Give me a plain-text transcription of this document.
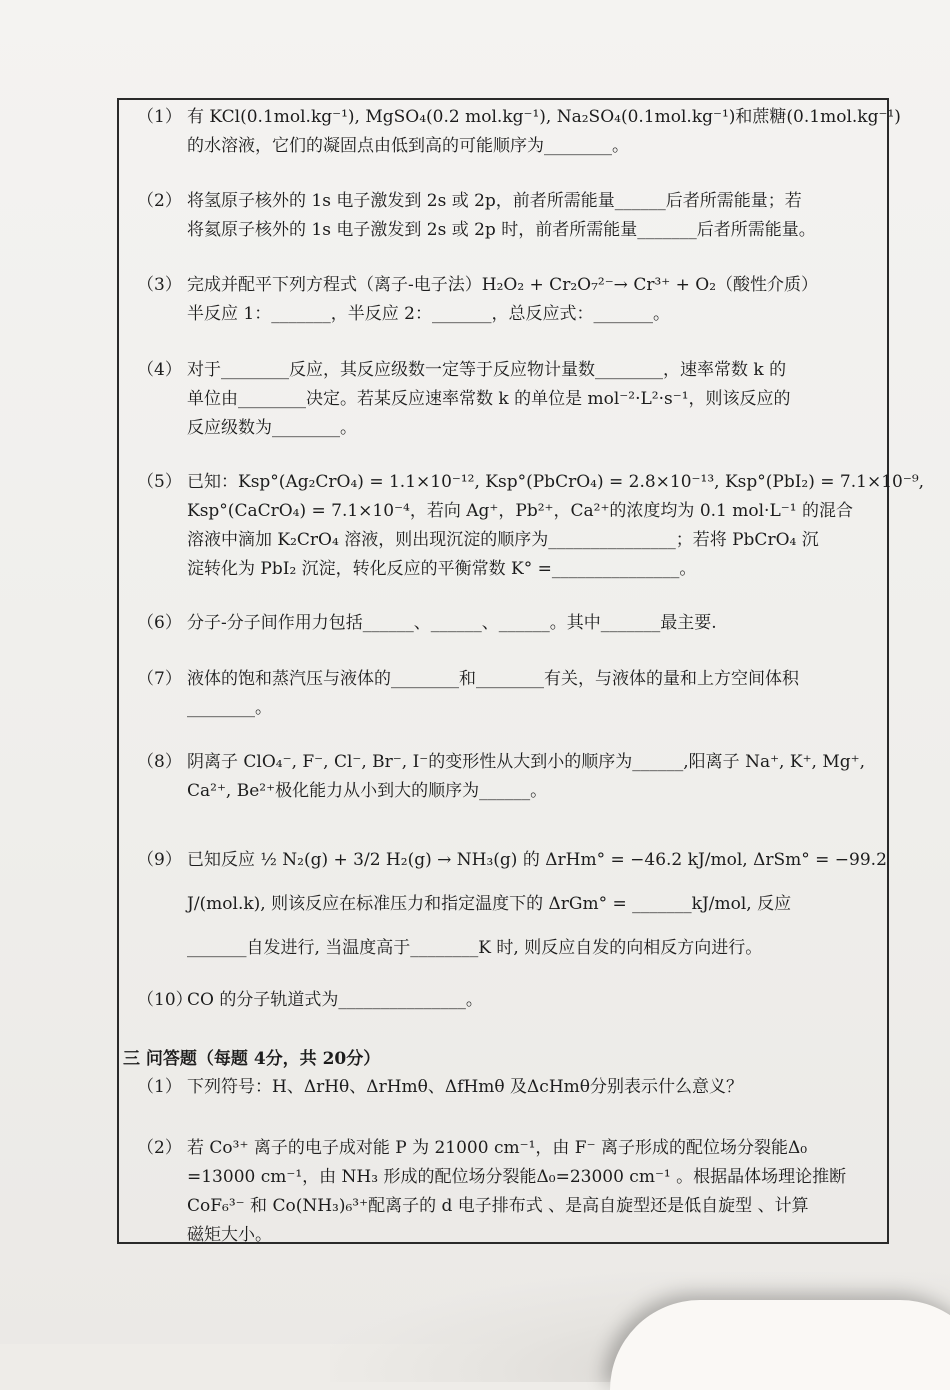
（1） 有 KCl(0.1mol.kg⁻¹), MgSO₄(0.2 mol.kg⁻¹), Na₂SO₄(0.1mol.kg⁻¹)和蔗糖(0.1mol.kg⁻¹)
的水溶液，它们的凝固点由低到高的可能顺序为________。
（2） 将氢原子核外的 1s 电子激发到 2s 或 2p，前者所需能量______后者所需能量；若
将氦原子核外的 1s 电子激发到 2s 或 2p 时，前者所需能量_______后者所需能量。
（3） 完成并配平下列方程式（离子-电子法）H₂O₂ + Cr₂O₇²⁻→ Cr³⁺ + O₂（酸性介质）
半反应 1：_______，半反应 2：_______，总反应式：_______。
（4） 对于________反应，其反应级数一定等于反应物计量数________，速率常数 k 的
单位由________决定。若某反应速率常数 k 的单位是 mol⁻²·L²·s⁻¹，则该反应的
反应级数为________。
（5） 已知：Ksp°(Ag₂CrO₄) = 1.1×10⁻¹², Ksp°(PbCrO₄) = 2.8×10⁻¹³, Ksp°(PbI₂) = 7.1×10⁻⁹,
Ksp°(CaCrO₄) = 7.1×10⁻⁴，若向 Ag⁺，Pb²⁺，Ca²⁺的浓度均为 0.1 mol·L⁻¹ 的混合
溶液中滴加 K₂CrO₄ 溶液，则出现沉淀的顺序为_______________；若将 PbCrO₄ 沉
淀转化为 PbI₂ 沉淀，转化反应的平衡常数 K° =_______________。
（6） 分子-分子间作用力包括______、______、______。其中_______最主要.
（7） 液体的饱和蒸汽压与液体的________和________有关，与液体的量和上方空间体积
________。
（8） 阴离子 ClO₄⁻, F⁻, Cl⁻, Br⁻, I⁻的变形性从大到小的顺序为______,阳离子 Na⁺, K⁺, Mg⁺,
Ca²⁺, Be²⁺极化能力从小到大的顺序为______。
（9） 已知反应 ½ N₂(g) + 3/2 H₂(g) → NH₃(g) 的 ΔrHm° = −46.2 kJ/mol, ΔrSm° = −99.2
J/(mol.k), 则该反应在标准压力和指定温度下的 ΔrGm° = _______kJ/mol, 反应
_______自发进行, 当温度高于________K 时, 则反应自发的向相反方向进行。
（10）
CO 的分子轨道式为_______________。
三 问答题（每题 4分，共 20分）
（1） 下列符号：H、ΔrHθ、ΔrHmθ、ΔfHmθ 及ΔcHmθ分别表示什么意义？
（2） 若 Co³⁺ 离子的电子成对能 P 为 21000 cm⁻¹，由 F⁻ 离子形成的配位场分裂能Δ₀
=13000 cm⁻¹，由 NH₃ 形成的配位场分裂能Δ₀=23000 cm⁻¹ 。根据晶体场理论推断
CoF₆³⁻ 和 Co(NH₃)₆³⁺配离子的 d 电子排布式 、是高自旋型还是低自旋型 、计算
磁矩大小。
